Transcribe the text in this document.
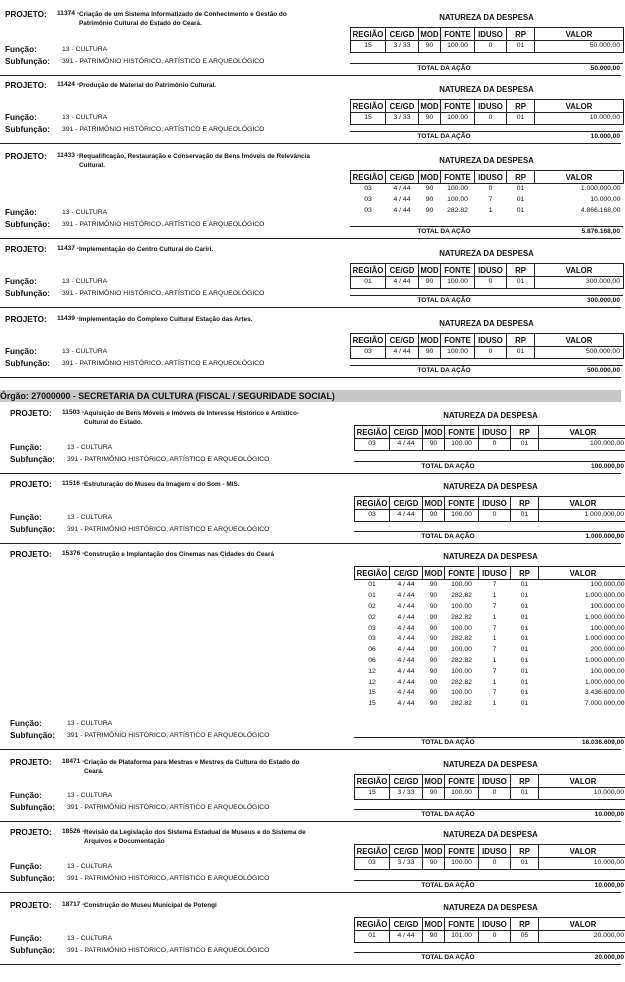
Órgão: 27000000 - SECRETARIA DA CULTURA (FISCAL / SEGURIDADE SOCIAL)
PROJETO: 11374 - Criação de um Sistema Informatizado de Conhecimento e Gestão do Patrimônio Cultural do Estado do Ceará.
Função:	13 - CULTURA
Subfunção: 391 - PATRIMÔNIO HISTÓRICO, ARTÍSTICO E ARQUEOLÓGICO
NATUREZA DA DESPESA
REGIÃO	CE/GD	MOD	FONTE	IDUSO	RP	VALOR
15	3 / 33	90	100.00	0	01	50.000,00
TOTAL DA AÇÃO	50.000,00
PROJETO: 11424 - Produção de Material do Patrimônio Cultural.
Função:	13 - CULTURA
Subfunção: 391 - PATRIMÔNIO HISTÓRICO, ARTÍSTICO E ARQUEOLÓGICO
NATUREZA DA DESPESA
REGIÃO	CE/GD	MOD	FONTE	IDUSO	RP	VALOR
15	3 / 33	90	100.00	0	01	10.000,00
TOTAL DA AÇÃO	10.000,00
PROJETO: 11433 - Requalificação, Restauração e Conservação de Bens Imóveis de Relevância Cultural.
Função:	13 - CULTURA
Subfunção: 391 - PATRIMÔNIO HISTÓRICO, ARTÍSTICO E ARQUEOLÓGICO
NATUREZA DA DESPESA
REGIÃO	CE/GD	MOD	FONTE	IDUSO	RP	VALOR
03	4 / 44	90	100.00	0	01	1.000.000,00
03	4 / 44	90	100.00	7	01	10.000,00
03	4 / 44	90	282.82	1	01	4.866.168,00
TOTAL DA AÇÃO	5.876.168,00
PROJETO: 11437 - Implementação do Centro Cultural do Cariri.
Função:	13 - CULTURA
Subfunção: 391 - PATRIMÔNIO HISTÓRICO, ARTÍSTICO E ARQUEOLÓGICO
NATUREZA DA DESPESA
REGIÃO	CE/GD	MOD	FONTE	IDUSO	RP	VALOR
01	4 / 44	90	100.00	0	01	300.000,00
TOTAL DA AÇÃO	300.000,00
PROJETO: 11439 - Implementação do Complexo Cultural Estação das Artes.
Função:	13 - CULTURA
Subfunção: 391 - PATRIMÔNIO HISTÓRICO, ARTÍSTICO E ARQUEOLÓGICO
NATUREZA DA DESPESA
REGIÃO	CE/GD	MOD	FONTE	IDUSO	RP	VALOR
03	4 / 44	90	100.00	0	01	500.000,00
TOTAL DA AÇÃO	500.000,00
PROJETO: 11503 - Aquisição de Bens Móveis e Imóveis de Interesse Histórico e Artístico-Cultural do Estado.
Função:	13 - CULTURA
Subfunção: 391 - PATRIMÔNIO HISTÓRICO, ARTÍSTICO E ARQUEOLÓGICO
NATUREZA DA DESPESA
REGIÃO	CE/GD	MOD	FONTE	IDUSO	RP	VALOR
03	4 / 44	90	100.00	0	01	100.000,00
TOTAL DA AÇÃO	100.000,00
PROJETO: 11516 - Estruturação do Museu da Imagem e do Som - MIS.
Função:	13 - CULTURA
Subfunção: 391 - PATRIMÔNIO HISTÓRICO, ARTÍSTICO E ARQUEOLÓGICO
NATUREZA DA DESPESA
REGIÃO	CE/GD	MOD	FONTE	IDUSO	RP	VALOR
03	4 / 44	90	100.00	0	01	1.000.000,00
TOTAL DA AÇÃO	1.000.000,00
PROJETO: 15376 - Construção e Implantação dos Cinemas nas Cidades do Ceará
Função:	13 - CULTURA
Subfunção: 391 - PATRIMÔNIO HISTÓRICO, ARTÍSTICO E ARQUEOLÓGICO
NATUREZA DA DESPESA
REGIÃO	CE/GD	MOD	FONTE	IDUSO	RP	VALOR
01	4 / 44	90	100.00	7	01	100.000,00
01	4 / 44	90	282.82	1	01	1.000.000,00
02	4 / 44	90	100.00	7	01	100.000,00
02	4 / 44	90	282.82	1	01	1.000.000,00
03	4 / 44	90	100.00	7	01	100.000,00
03	4 / 44	90	282.82	1	01	1.000.000,00
06	4 / 44	90	100.00	7	01	200.000,00
06	4 / 44	90	282.82	1	01	1.000.000,00
12	4 / 44	90	100.00	7	01	100.000,00
12	4 / 44	90	282.82	1	01	1.000.000,00
15	4 / 44	90	100.00	7	01	3.436.609,00
15	4 / 44	90	282.82	1	01	7.000.000,00
TOTAL DA AÇÃO	16.036.609,00
PROJETO: 18471 - Criação de Plataforma para Mestras e Mestres da Cultura do Estado do Ceará.
Função:	13 - CULTURA
Subfunção: 391 - PATRIMÔNIO HISTÓRICO, ARTÍSTICO E ARQUEOLÓGICO
NATUREZA DA DESPESA
REGIÃO	CE/GD	MOD	FONTE	IDUSO	RP	VALOR
15	3 / 33	90	100.00	0	01	10.000,00
TOTAL DA AÇÃO	10.000,00
PROJETO: 18526 - Revisão da Legislação dos Sistema Estadual de Museus e do Sistema de Arquivos e Documentação
Função:	13 - CULTURA
Subfunção: 391 - PATRIMÔNIO HISTÓRICO, ARTÍSTICO E ARQUEOLÓGICO
NATUREZA DA DESPESA
REGIÃO	CE/GD	MOD	FONTE	IDUSO	RP	VALOR
03	3 / 33	90	100.00	0	01	10.000,00
TOTAL DA AÇÃO	10.000,00
PROJETO: 18717 - Construção do Museu Municipal de Potengi
Função:	13 - CULTURA
Subfunção: 391 - PATRIMÔNIO HISTÓRICO, ARTÍSTICO E ARQUEOLÓGICO
NATUREZA DA DESPESA
REGIÃO	CE/GD	MOD	FONTE	IDUSO	RP	VALOR
01	4 / 44	90	101.00	0	05	20.000,00
TOTAL DA AÇÃO	20.000,00
